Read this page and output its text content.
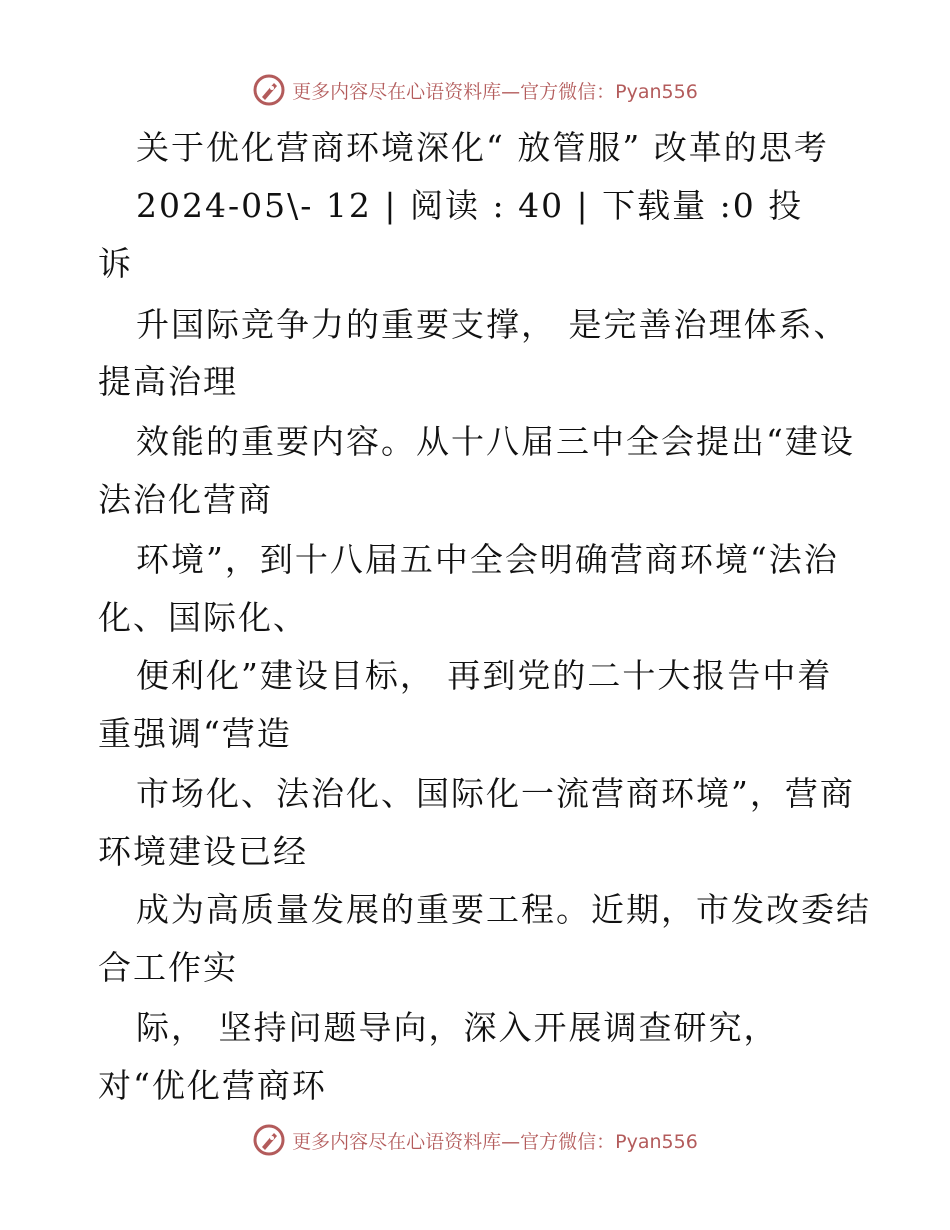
更多内容尽在心语资料库—官方微信：Pyan556
关于优化营商环境深化“ 放管服” 改革的思考
2024-05\- 12 | 阅读 : 40 | 下载量 :0 投
诉
升国际竞争力的重要支撑， 是完善治理体系、
提高治理
效能的重要内容。从十八届三中全会提出“建设
法治化营商
环境”，到十八届五中全会明确营商环境“法治
化、国际化、
便利化”建设目标， 再到党的二十大报告中着
重强调“营造
市场化、法治化、国际化一流营商环境”，营商
环境建设已经
成为高质量发展的重要工程。近期，市发改委结
合工作实
际， 坚持问题导向，深入开展调查研究，
对“优化营商环
更多内容尽在心语资料库—官方微信：Pyan556
